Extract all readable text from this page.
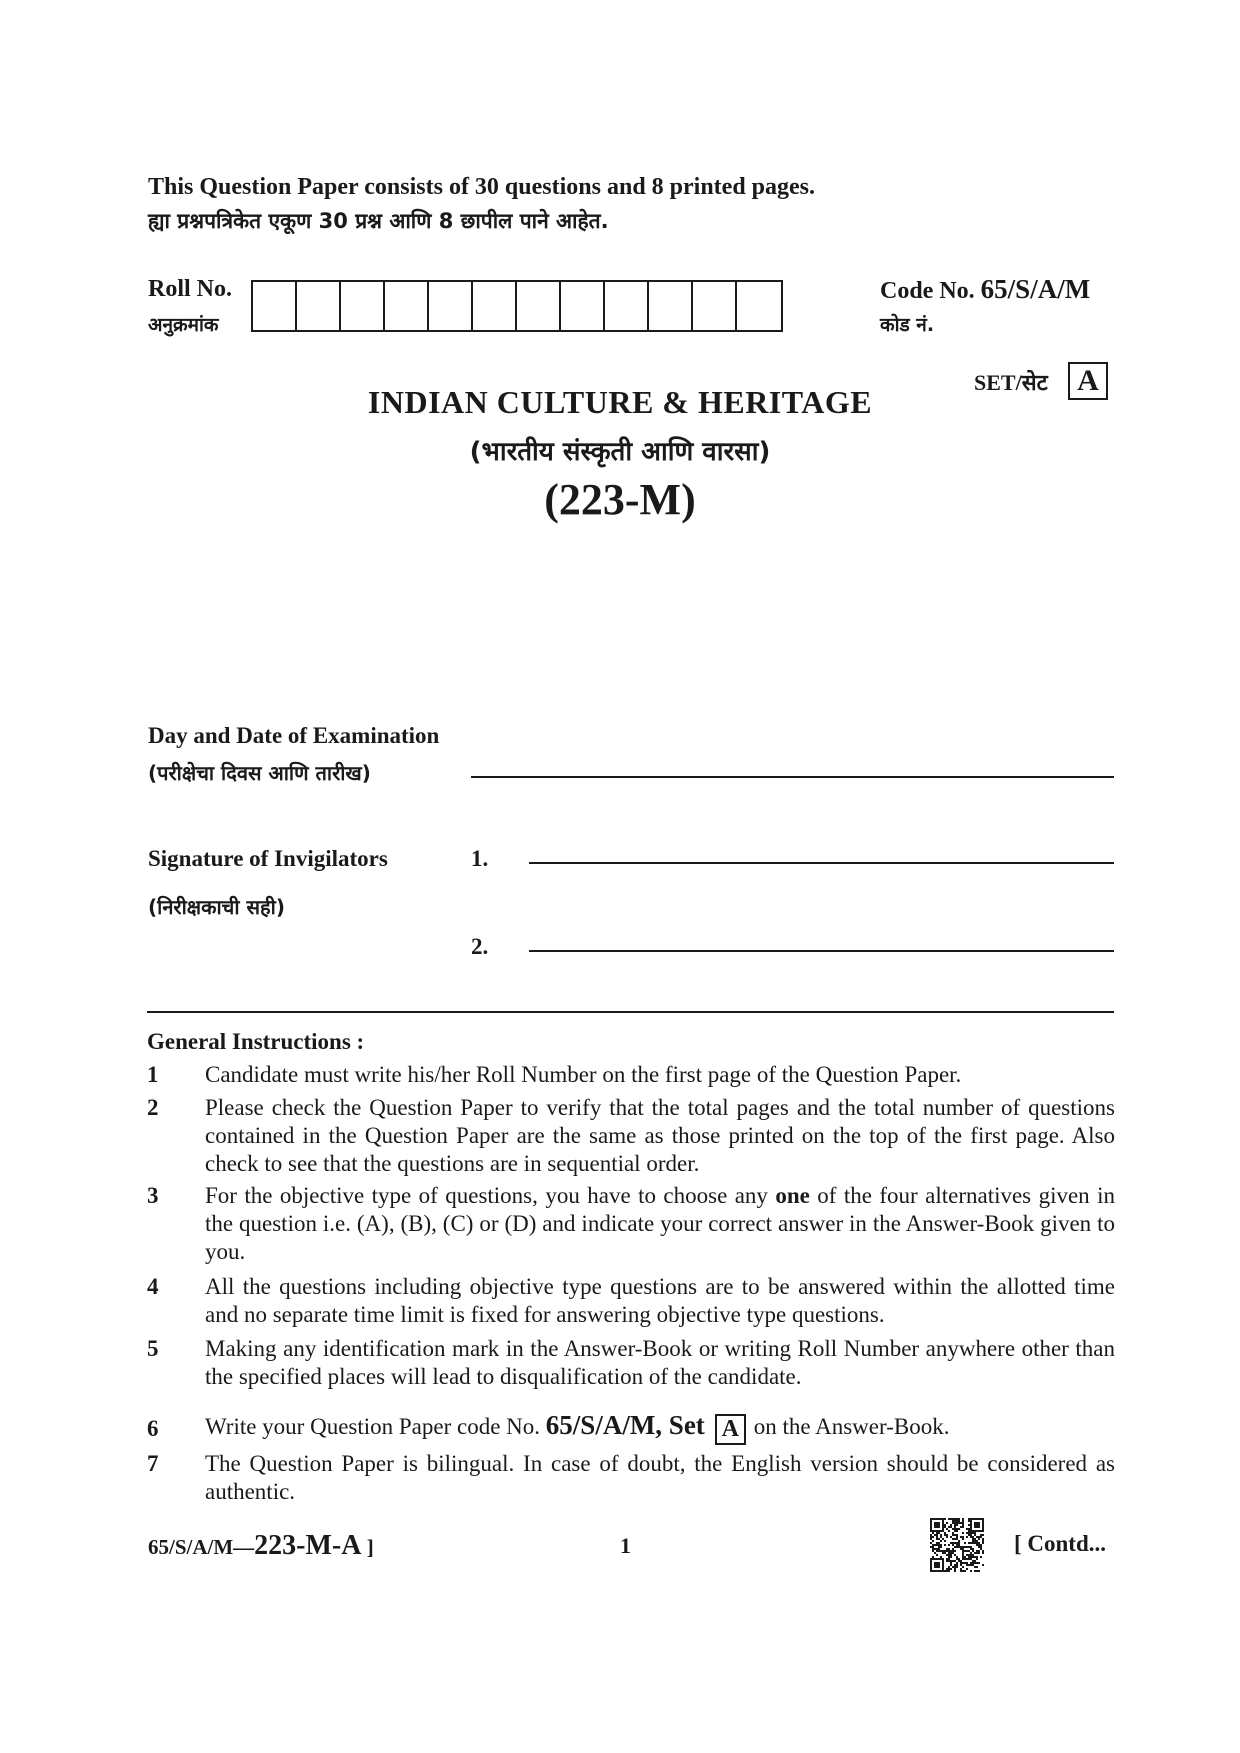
This Question Paper consists of 30 questions and 8 printed pages.
ह्या प्रश्नपत्रिकेत एकूण 30 प्रश्न आणि 8 छापील पाने आहेत.
Roll No.
अनुक्रमांक
Code No. 65/S/A/M
कोड नं.
SET/सेट A
INDIAN CULTURE & HERITAGE
(भारतीय संस्कृती आणि वारसा)
(223-M)
Day and Date of Examination
(परीक्षेचा दिवस आणि तारीख)
Signature of Invigilators
(निरीक्षकाची सही)
1.
2.
General Instructions :
1 Candidate must write his/her Roll Number on the first page of the Question Paper.
2 Please check the Question Paper to verify that the total pages and the total number of questions contained in the Question Paper are the same as those printed on the top of the first page. Also check to see that the questions are in sequential order.
3 For the objective type of questions, you have to choose any one of the four alternatives given in the question i.e. (A), (B), (C) or (D) and indicate your correct answer in the Answer-Book given to you.
4 All the questions including objective type questions are to be answered within the allotted time and no separate time limit is fixed for answering objective type questions.
5 Making any identification mark in the Answer-Book or writing Roll Number anywhere other than the specified places will lead to disqualification of the candidate.
6 Write your Question Paper code No. 65/S/A/M, Set A on the Answer-Book.
7 The Question Paper is bilingual. In case of doubt, the English version should be considered as authentic.
65/S/A/M—223-M-A ]	1	[ Contd...
